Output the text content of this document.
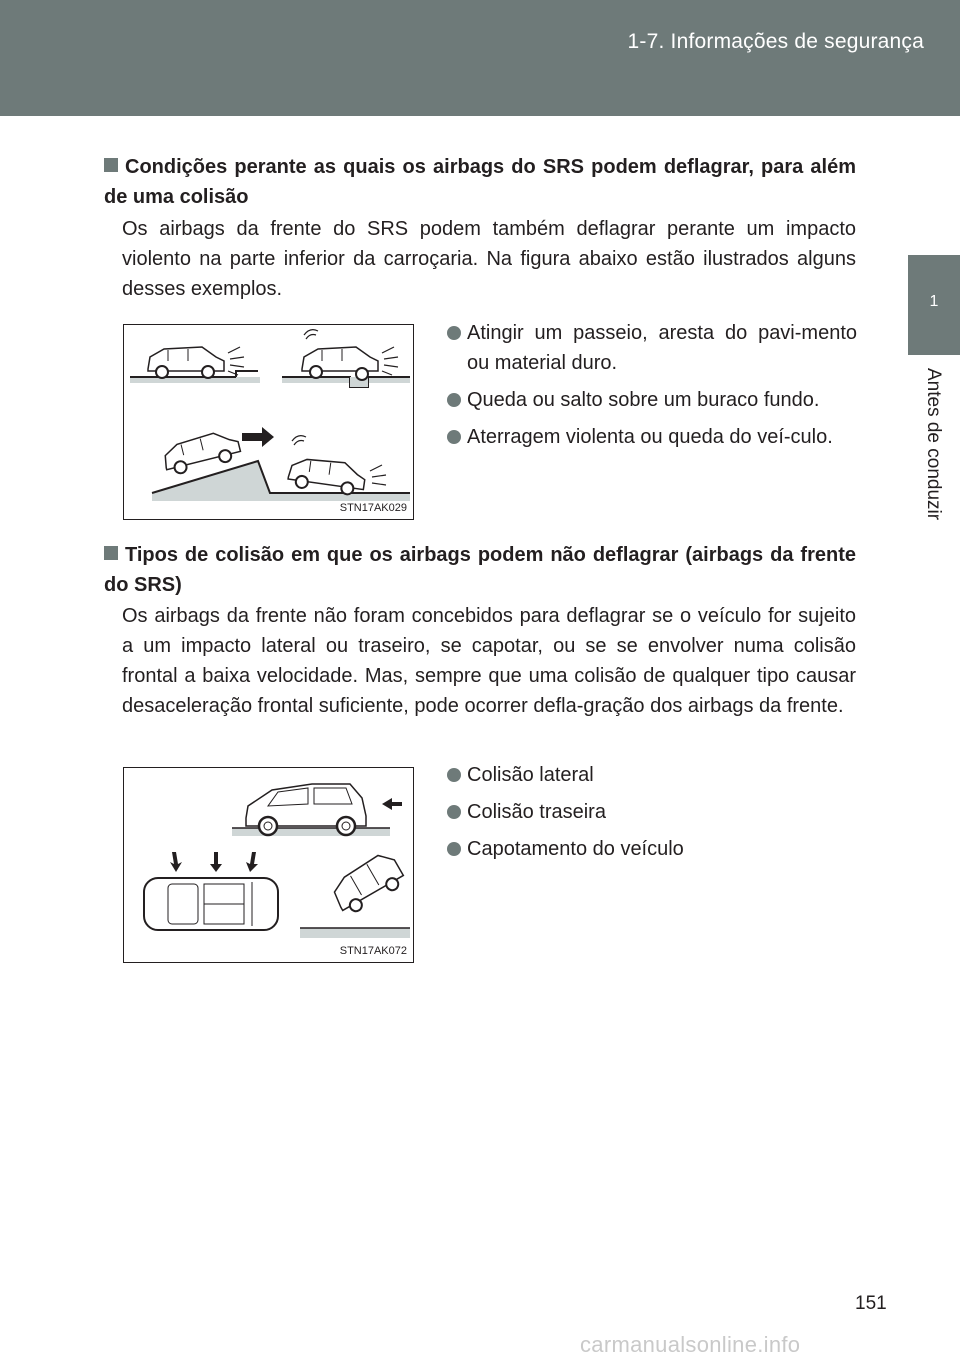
1-7. Informações de segurança
1
Antes de conduzir
Condições perante as quais os airbags do SRS podem deflagrar, para além de uma colisão
Os airbags da frente do SRS podem também deflagrar perante um impacto violento na parte inferior da carroçaria. Na figura abaixo estão ilustrados alguns desses exemplos.
STN17AK029
Atingir um passeio, aresta do pavi-mento ou material duro.
Queda ou salto sobre um buraco fundo.
Aterragem violenta ou queda do veí-culo.
Tipos de colisão em que os airbags podem não deflagrar (airbags da frente do SRS)
Os airbags da frente não foram concebidos para deflagrar se o veículo for sujeito a um impacto lateral ou traseiro, se capotar, ou se se envolver numa colisão frontal a baixa velocidade. Mas, sempre que uma colisão de qualquer tipo causar desaceleração frontal suficiente, pode ocorrer defla-gração dos airbags da frente.
STN17AK072
Colisão lateral
Colisão traseira
Capotamento do veículo
151
carmanualsonline.info
